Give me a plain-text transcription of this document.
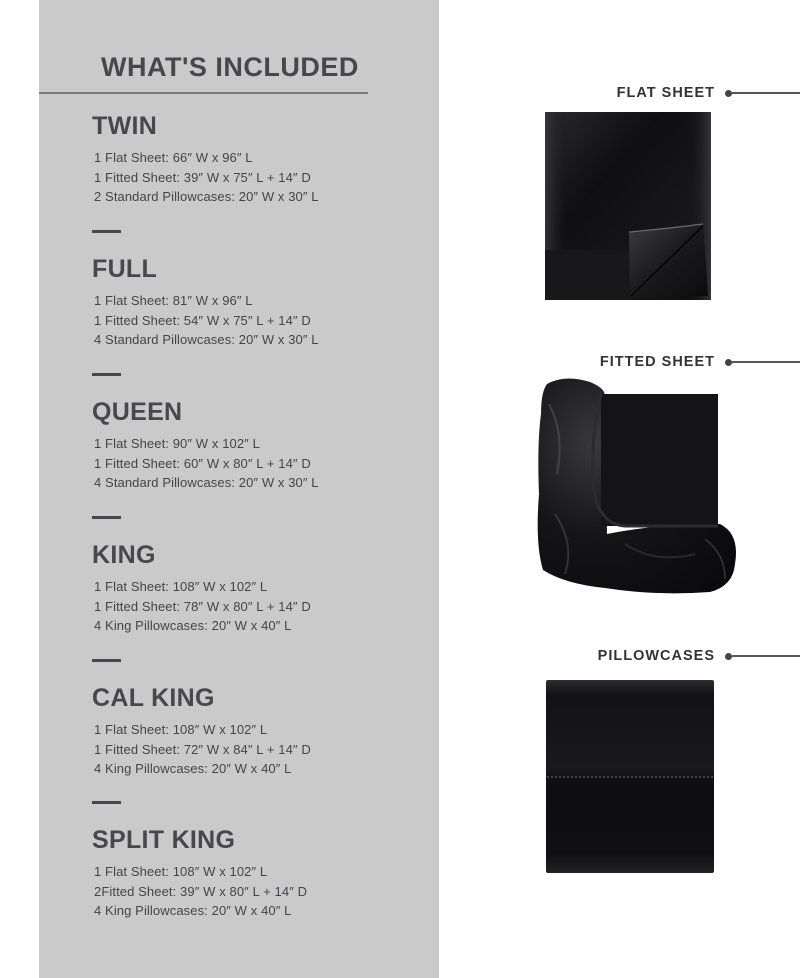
WHAT'S INCLUDED
TWIN
1 Flat Sheet: 66″ W x 96″ L
1 Fitted Sheet: 39″ W x 75″ L + 14″ D
2 Standard Pillowcases: 20″ W x 30″ L
FULL
1 Flat Sheet: 81″ W x 96″ L
1 Fitted Sheet: 54″ W x 75″ L + 14″ D
4 Standard Pillowcases: 20″ W x 30″ L
QUEEN
1 Flat Sheet: 90″ W x 102″ L
1 Fitted Sheet: 60″ W x 80″ L + 14″ D
4 Standard Pillowcases: 20″ W x 30″ L
KING
1 Flat Sheet: 108″ W x 102″ L
1 Fitted Sheet: 78″ W x 80″ L + 14″ D
4 King Pillowcases: 20″ W x 40″ L
CAL KING
1 Flat Sheet: 108″ W x 102″ L
1 Fitted Sheet: 72″ W x 84″ L + 14″ D
4 King Pillowcases: 20″ W x 40″ L
SPLIT KING
1 Flat Sheet: 108″ W x 102″ L
2Fitted Sheet: 39″ W x 80″ L + 14″ D
4 King Pillowcases: 20″ W x 40″ L
FLAT SHEET
FITTED SHEET
PILLOWCASES
